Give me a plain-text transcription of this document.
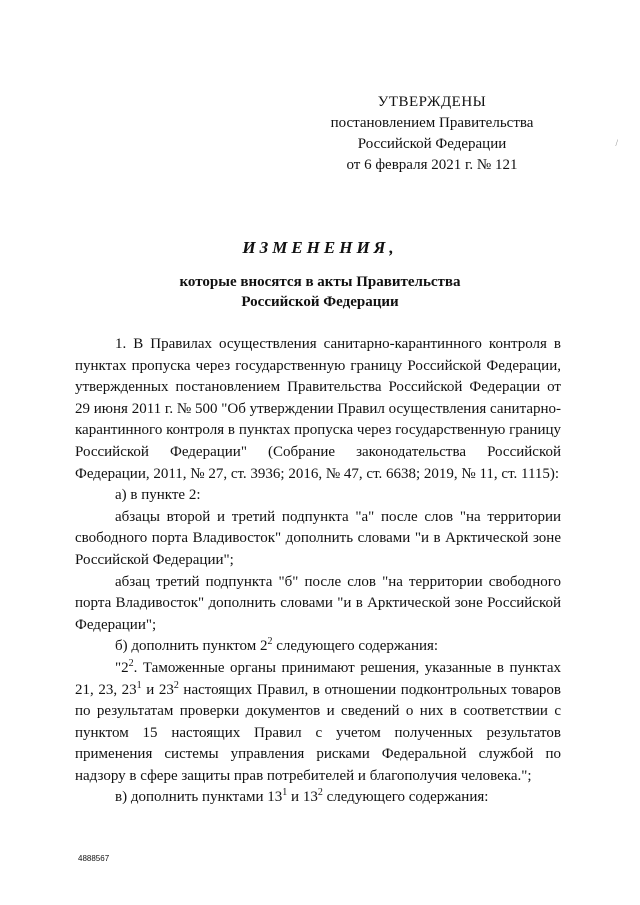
УТВЕРЖДЕНЫ
постановлением Правительства
Российской Федерации
от 6 февраля 2021 г. № 121
/
ИЗМЕНЕНИЯ,
которые вносятся в акты Правительства
Российской Федерации

1. В Правилах осуществления санитарно-карантинного контроля в пунктах пропуска через государственную границу Российской Федерации, утвержденных постановлением Правительства Российской Федерации от 29 июня 2011 г. № 500 "Об утверждении Правил осуществления санитарно-карантинного контроля в пунктах пропуска через государственную границу Российской Федерации" (Собрание законодательства Российской Федерации, 2011, № 27, ст. 3936; 2016, № 47, ст. 6638; 2019, № 11, ст. 1115):

а) в пункте 2:

абзацы второй и третий подпункта "а" после слов "на территории свободного порта Владивосток" дополнить словами "и в Арктической зоне Российской Федерации";

абзац третий подпункта "б" после слов "на территории свободного порта Владивосток" дополнить словами "и в Арктической зоне Российской Федерации";

б) дополнить пунктом $2^2$ следующего содержания:

"$2^2$. Таможенные органы принимают решения, указанные в пунктах 21, 23, $23^1$ и $23^2$ настоящих Правил, в отношении подконтрольных товаров по результатам проверки документов и сведений о них в соответствии с пунктом 15 настоящих Правил с учетом полученных результатов применения системы управления рисками Федеральной службой по надзору в сфере защиты прав потребителей и благополучия человека.";

в) дополнить пунктами $13^1$ и $13^2$ следующего содержания:

4888567
